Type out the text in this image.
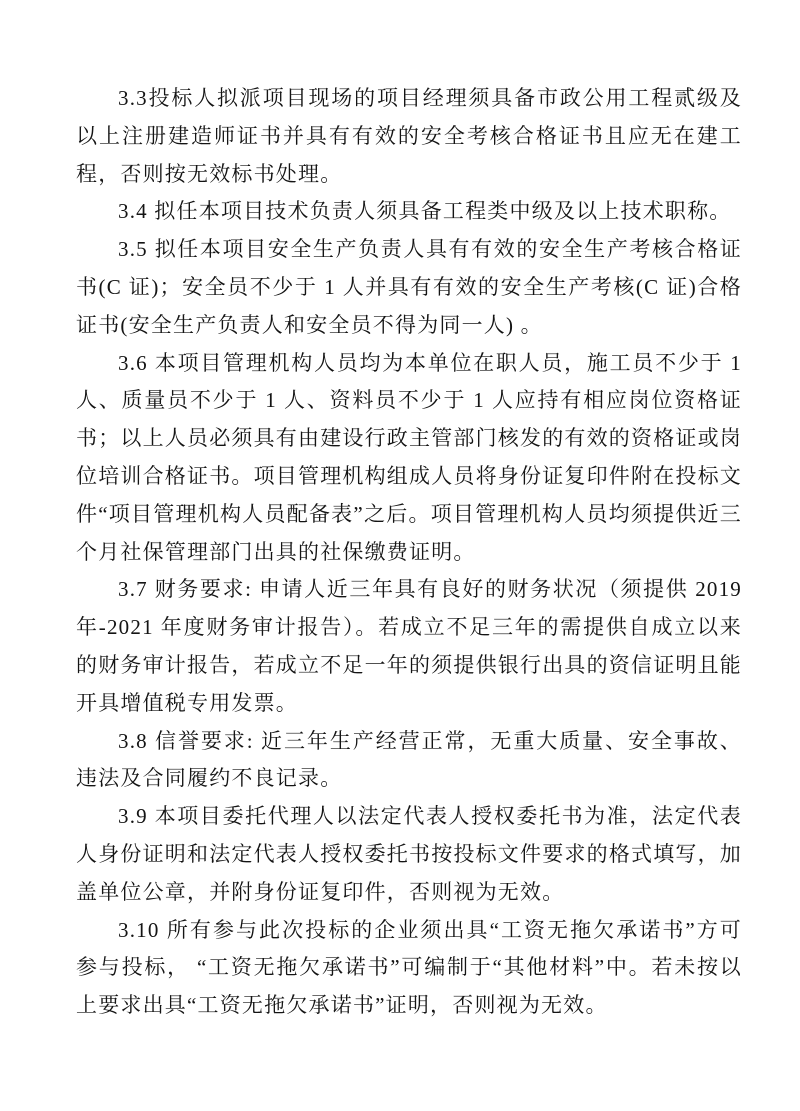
3.3投标人拟派项目现场的项目经理须具备市政公用工程贰级及以上注册建造师证书并具有有效的安全考核合格证书且应无在建工程，否则按无效标书处理。

3.4 拟任本项目技术负责人须具备工程类中级及以上技术职称。

3.5 拟任本项目安全生产负责人具有有效的安全生产考核合格证书(C 证)；安全员不少于 1 人并具有有效的安全生产考核(C 证)合格证书(安全生产负责人和安全员不得为同一人) 。

3.6 本项目管理机构人员均为本单位在职人员，施工员不少于 1 人、质量员不少于 1 人、资料员不少于 1 人应持有相应岗位资格证书；以上人员必须具有由建设行政主管部门核发的有效的资格证或岗位培训合格证书。项目管理机构组成人员将身份证复印件附在投标文件“项目管理机构人员配备表”之后。项目管理机构人员均须提供近三个月社保管理部门出具的社保缴费证明。

3.7 财务要求: 申请人近三年具有良好的财务状况（须提供 2019 年-2021 年度财务审计报告）。若成立不足三年的需提供自成立以来的财务审计报告，若成立不足一年的须提供银行出具的资信证明且能开具增值税专用发票。

3.8 信誉要求: 近三年生产经营正常，无重大质量、安全事故、违法及合同履约不良记录。

3.9 本项目委托代理人以法定代表人授权委托书为准，法定代表人身份证明和法定代表人授权委托书按投标文件要求的格式填写，加盖单位公章，并附身份证复印件，否则视为无效。

3.10 所有参与此次投标的企业须出具“工资无拖欠承诺书”方可参与投标， “工资无拖欠承诺书”可编制于“其他材料”中。若未按以上要求出具“工资无拖欠承诺书”证明，否则视为无效。
